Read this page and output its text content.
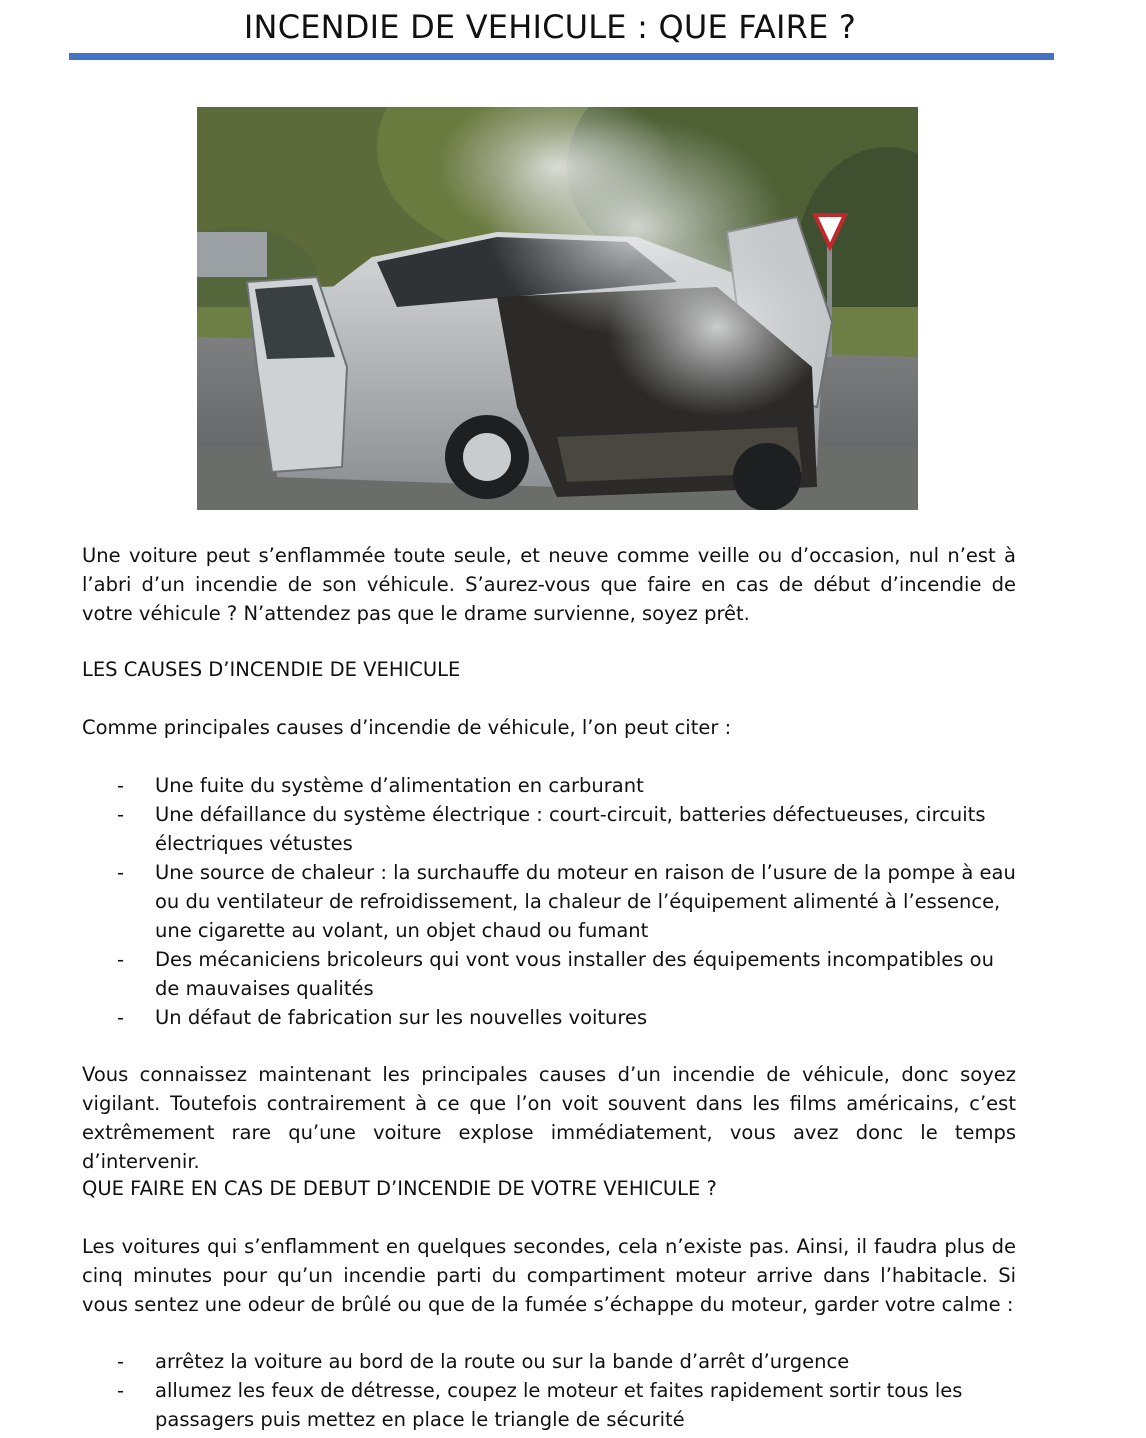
INCENDIE DE VEHICULE : QUE FAIRE ?

Une voiture peut s’enflammée toute seule, et neuve comme veille ou d’occasion, nul n’est à l’abri d’un incendie de son véhicule. S’aurez-vous que faire en cas de début d’incendie de votre véhicule ? N’attendez pas que le drame survienne, soyez prêt.

LES CAUSES D’INCENDIE DE VEHICULE

Comme principales causes d’incendie de véhicule, l’on peut citer :

- Une fuite du système d’alimentation en carburant
- Une défaillance du système électrique : court-circuit, batteries défectueuses, circuits électriques vétustes
- Une source de chaleur : la surchauffe du moteur en raison de l’usure de la pompe à eau ou du ventilateur de refroidissement, la chaleur de l’équipement alimenté à l’essence, une cigarette au volant, un objet chaud ou fumant
- Des mécaniciens bricoleurs qui vont vous installer des équipements incompatibles ou de mauvaises qualités
- Un défaut de fabrication sur les nouvelles voitures

Vous connaissez maintenant les principales causes d’un incendie de véhicule, donc soyez vigilant. Toutefois contrairement à ce que l’on voit souvent dans les films américains, c’est extrêmement rare qu’une voiture explose immédiatement, vous avez donc le temps d’intervenir.

QUE FAIRE EN CAS DE DEBUT D’INCENDIE DE VOTRE VEHICULE ?

Les voitures qui s’enflamment en quelques secondes, cela n’existe pas. Ainsi, il faudra plus de cinq minutes pour qu’un incendie parti du compartiment moteur arrive dans l’habitacle. Si vous sentez une odeur de brûlé ou que de la fumée s’échappe du moteur, garder votre calme :

- arrêtez la voiture au bord de la route ou sur la bande d’arrêt d’urgence
- allumez les feux de détresse, coupez le moteur et faites rapidement sortir tous les passagers puis mettez en place le triangle de sécurité
